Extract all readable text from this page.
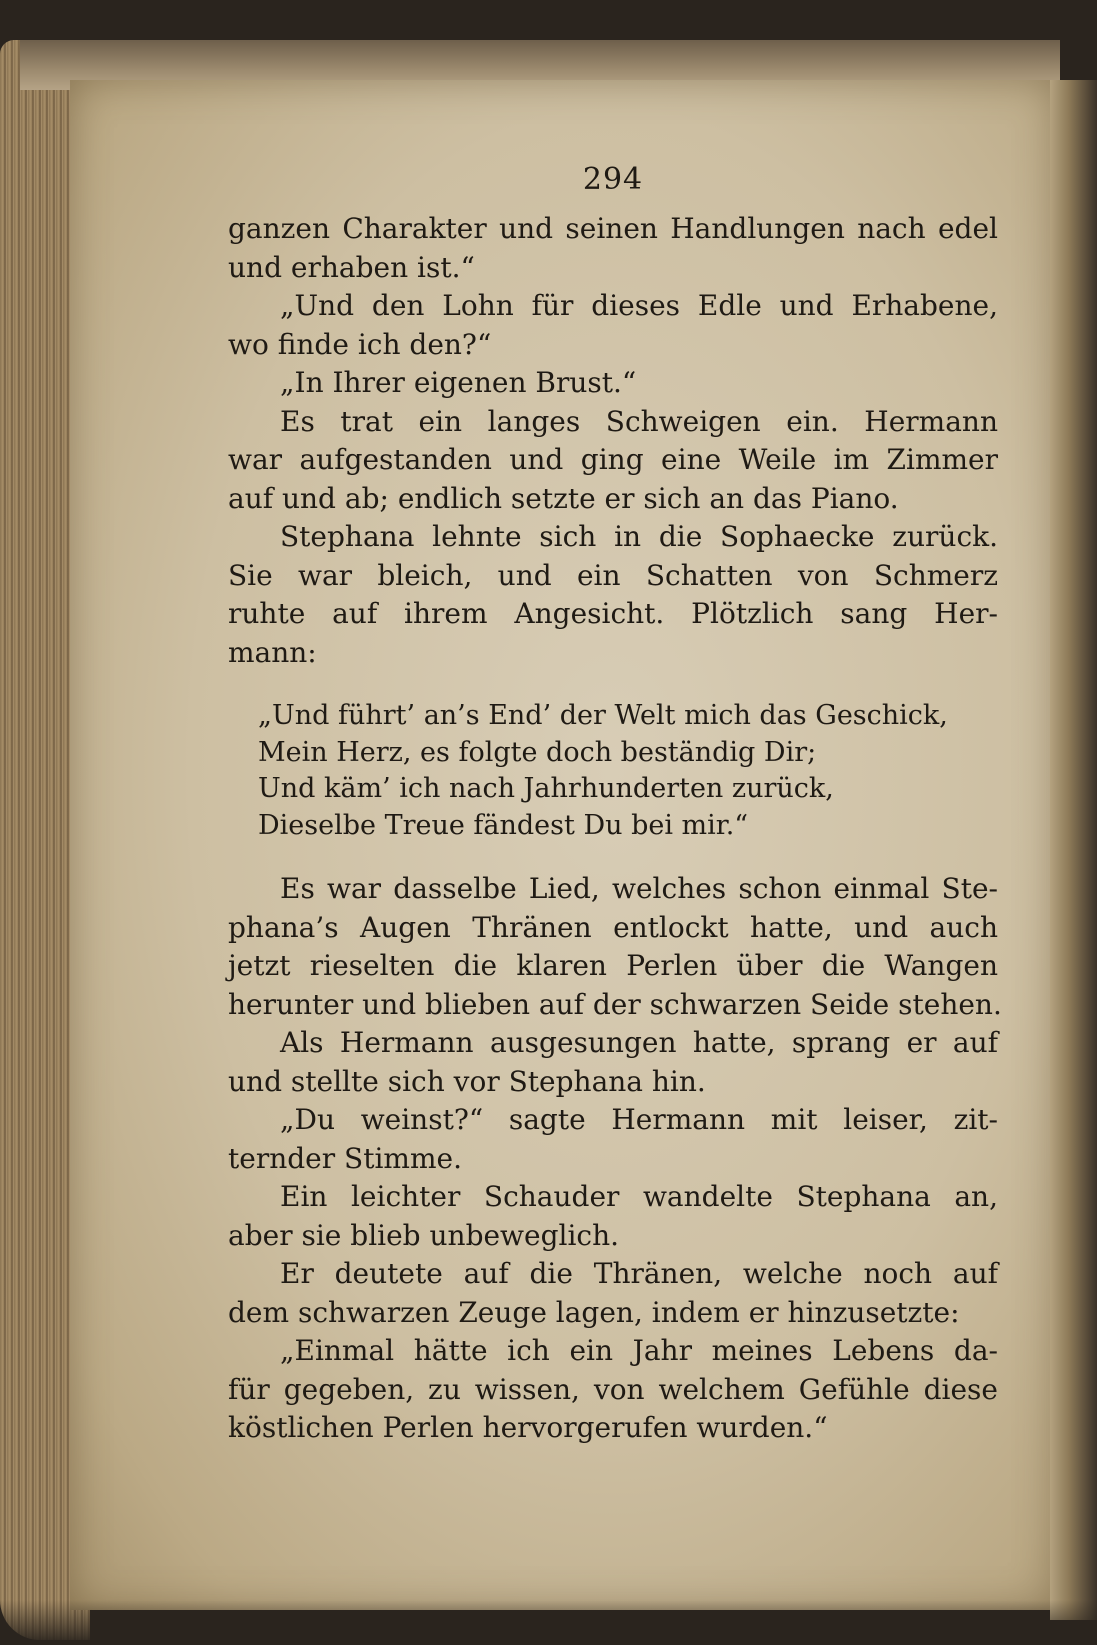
294
ganzen Charakter und seinen Handlungen nach edel
und erhaben ist.“
„Und den Lohn für dieses Edle und Erhabene,
wo finde ich den?“
„In Ihrer eigenen Brust.“
Es trat ein langes Schweigen ein. Hermann
war aufgestanden und ging eine Weile im Zimmer
auf und ab; endlich setzte er sich an das Piano.
Stephana lehnte sich in die Sophaecke zurück.
Sie war bleich, und ein Schatten von Schmerz
ruhte auf ihrem Angesicht. Plötzlich sang Her-
mann:
„Und führt’ an’s End’ der Welt mich das Geschick,
Mein Herz, es folgte doch beständig Dir;
Und käm’ ich nach Jahrhunderten zurück,
Dieselbe Treue fändest Du bei mir.“
Es war dasselbe Lied, welches schon einmal Ste-
phana’s Augen Thränen entlockt hatte, und auch
jetzt rieselten die klaren Perlen über die Wangen
herunter und blieben auf der schwarzen Seide stehen.
Als Hermann ausgesungen hatte, sprang er auf
und stellte sich vor Stephana hin.
„Du weinst?“ sagte Hermann mit leiser, zit-
ternder Stimme.
Ein leichter Schauder wandelte Stephana an,
aber sie blieb unbeweglich.
Er deutete auf die Thränen, welche noch auf
dem schwarzen Zeuge lagen, indem er hinzusetzte:
„Einmal hätte ich ein Jahr meines Lebens da-
für gegeben, zu wissen, von welchem Gefühle diese
köstlichen Perlen hervorgerufen wurden.“
